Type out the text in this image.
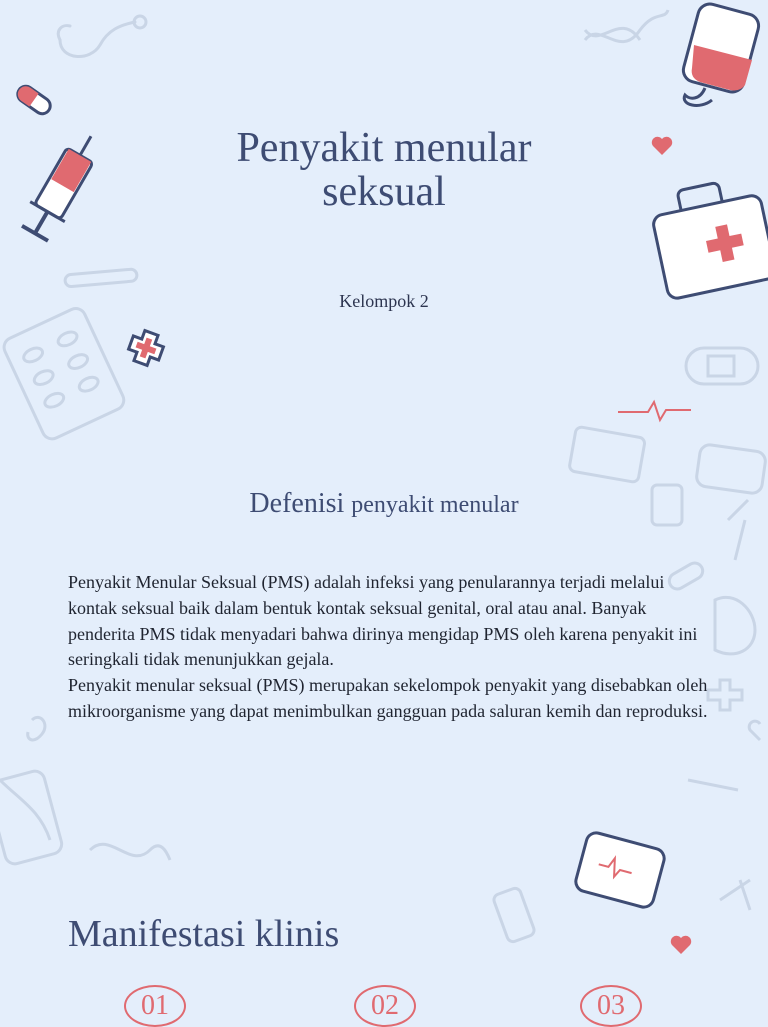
Penyakit menular
seksual
Kelompok 2
Defenisi penyakit menular

Penyakit Menular Seksual (PMS) adalah infeksi yang penularannya terjadi melalui kontak seksual baik dalam bentuk kontak seksual genital, oral atau anal. Banyak penderita PMS tidak menyadari bahwa dirinya mengidap PMS oleh karena penyakit ini seringkali tidak menunjukkan gejala.

Penyakit menular seksual (PMS) merupakan sekelompok penyakit yang disebabkan oleh mikroorganisme yang dapat menimbulkan gangguan pada saluran kemih dan reproduksi.

Manifestasi klinis
01	02	03
